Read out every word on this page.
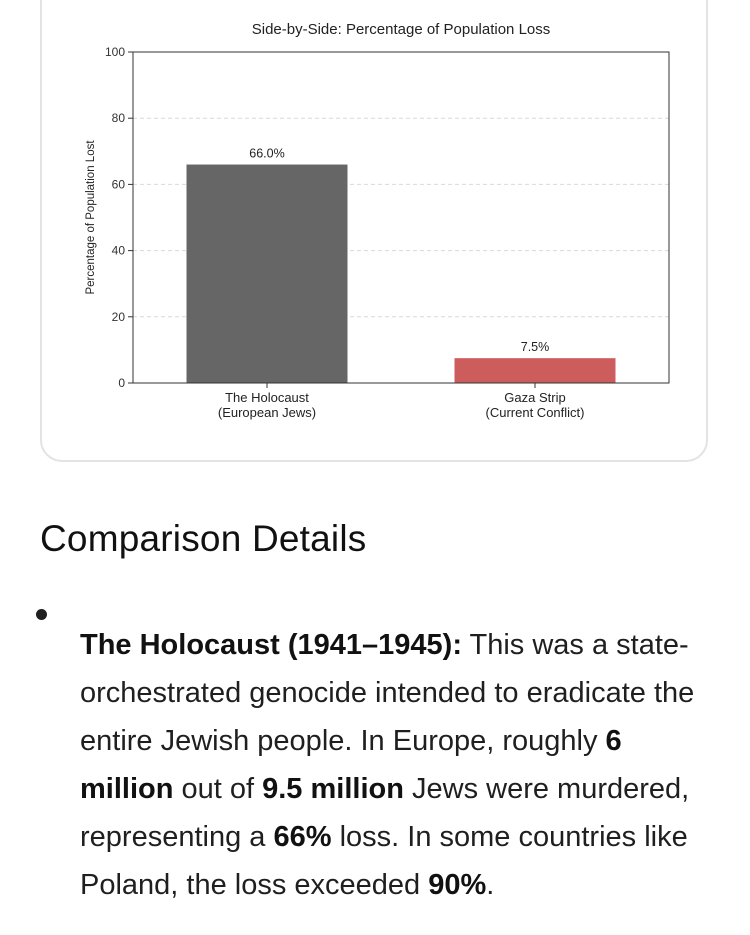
Side-by-Side: Percentage of Population Loss
0
20
40
60
80
100
66.0%
The Holocaust
(European Jews)
7.5%
Gaza Strip
(Current Conflict)
Percentage of Population Lost
Comparison Details

The Holocaust (1941–1945): This was a state-orchestrated genocide intended to eradicate the entire Jewish people. In Europe, roughly 6 million out of 9.5 million Jews were murdered, representing a 66% loss. In some countries like Poland, the loss exceeded 90%.
